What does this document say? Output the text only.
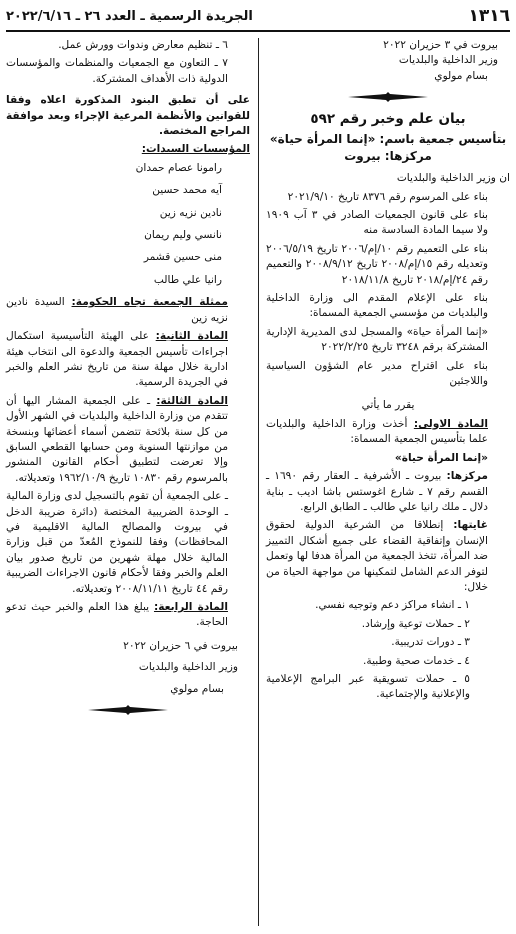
١٣١٦
الجريدة الرسمية ـ العدد ٢٦ ـ ٢٠٢٢/٦/١٦
بيروت في ٣ حزيران ٢٠٢٢
وزير الداخلية والبلديات
بسام مولوي
بيان علم وخبر رقم ٥٩٢
بتأسيس جمعية باسم: «إنما المرأة حياة»
مركزها: بيروت

ان وزير الداخلية والبلديات

بناء على المرسوم رقم ٨٣٧٦ تاريخ ٢٠٢١/٩/١٠

بناء على قانون الجمعيات الصادر في ٣ آب ١٩٠٩ ولا سيما المادة السادسة منه

بناء على التعميم رقم ١٠/إم/٢٠٠٦ تاريخ ٢٠٠٦/٥/١٩ وتعديله رقم ١٥/إم/٢٠٠٨ تاريخ ٢٠٠٨/٩/١٢ والتعميم رقم ٢٤/إم/٢٠١٨ تاريخ ٢٠١٨/١١/٨

بناء على الإعلام المقدم الى وزارة الداخلية والبلديات من مؤسسي الجمعية المسماة:

«إنما المرأة حياة» والمسجل لدى المديرية الإدارية المشتركة برقم ٣٢٤٨ تاريخ ٢٠٢٢/٢/٢٥

بناء على اقتراح مدير عام الشؤون السياسية واللاجئين

يقرر ما يأتي

المادة الاولى: أخذت وزارة الداخلية والبلديات علما بتأسيس الجمعية المسماة:

«إنما المرأة حياة»

مركزها: بيروت ـ الأشرفية ـ العقار رقم ١٦٩٠ ـ القسم رقم ٧ ـ شارع اغوستس باشا اديب ـ بناية دلال ـ ملك رانيا علي طالب ـ الطابق الرابع.

غايتها: إنطلاقا من الشرعية الدولية لحقوق الإنسان وإتفاقية القضاء على جميع أشكال التمييز ضد المرأة، تتخذ الجمعية من المرأة هدفا لها وتعمل لتوفر الدعم الشامل لتمكينها من مواجهة الحياة من خلال:

١ ـ انشاء مراكز دعم وتوجيه نفسي.

٢ ـ حملات توعية وإرشاد.

٣ ـ دورات تدريبية.

٤ ـ خدمات صحية وطبية.

٥ ـ حملات تسويقية عبر البرامج الإعلامية والإعلانية والإجتماعية.

٦ ـ تنظيم معارض وندوات وورش عمل.

٧ ـ التعاون مع الجمعيات والمنظمات والمؤسسات الدولية ذات الأهداف المشتركة.

على أن تطبق البنود المذكورة اعلاه وفقا للقوانين والأنظمة المرعية الإجراء وبعد موافقة المراجع المختصة.

المؤسسات السيدات:

رامونا عصام حمدان

آيه محمد حسين

نادين نزيه زين

نانسي وليم ريمان

منى حسين قشمر

رانيا علي طالب

ممثلة الجمعية تجاه الحكومة: السيدة نادين نزيه زين

المادة الثانية: على الهيئة التأسيسية استكمال اجراءات تأسيس الجمعية والدعوة الى انتخاب هيئة ادارية خلال مهلة سنة من تاريخ نشر العلم والخبر في الجريدة الرسمية.

المادة الثالثة: ـ على الجمعية المشار اليها أن تتقدم من وزارة الداخلية والبلديات في الشهر الأول من كل سنة بلائحة تتضمن أسماء أعضائها وبنسخة من موازنتها السنوية ومن حسابها القطعي السابق وإلا تعرضت لتطبيق أحكام القانون المنشور بالمرسوم رقم ١٠٨٣٠ تاريخ ١٩٦٢/١٠/٩ وتعديلاته.

ـ على الجمعية أن تقوم بالتسجيل لدى وزارة المالية ـ الوحدة الضريبية المختصة (دائرة ضريبة الدخل في بيروت والمصالح المالية الاقليمية في المحافظات) وفقا للنموذج المُعدّ من قبل وزارة المالية خلال مهلة شهرين من تاريخ صدور بيان العلم والخبر وفقا لأحكام قانون الاجراءات الضريبية رقم ٤٤ تاريخ ٢٠٠٨/١١/١١ وتعديلاته.

المادة الرابعة: يبلغ هذا العلم والخبر حيث تدعو الحاجة.

بيروت في ٦ حزيران ٢٠٢٢
وزير الداخلية والبلديات
بسام مولوي
